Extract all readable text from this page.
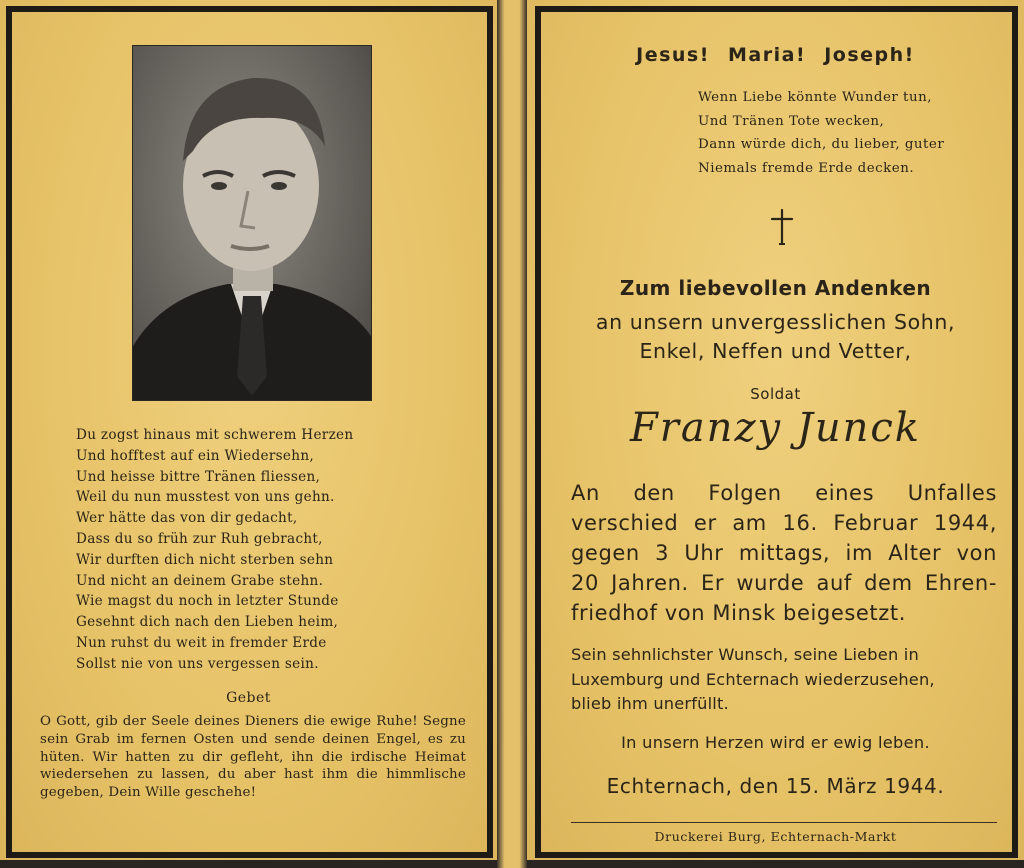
Du zogst hinaus mit schwerem Herzen
Und hofftest auf ein Wiedersehn,
Und heisse bittre Tränen fliessen,
Weil du nun musstest von uns gehn.
Wer hätte das von dir gedacht,
Dass du so früh zur Ruh gebracht,
Wir durften dich nicht sterben sehn
Und nicht an deinem Grabe stehn.
Wie magst du noch in letzter Stunde
Gesehnt dich nach den Lieben heim,
Nun ruhst du weit in fremder Erde
Sollst nie von uns vergessen sein.
Gebet
O Gott, gib der Seele deines Dieners die ewige Ruhe! Segne sein Grab im fernen Osten und sende deinen Engel, es zu hüten. Wir hatten zu dir gefleht, ihn die irdische Heimat wiedersehen zu lassen, du aber hast ihm die himmlische gegeben, Dein Wille geschehe!
Jesus! Maria! Joseph!
Wenn Liebe könnte Wunder tun,
Und Tränen Tote wecken,
Dann würde dich, du lieber, guter
Niemals fremde Erde decken.
Zum liebevollen Andenken
an unsern unvergesslichen Sohn,
Enkel, Neffen und Vetter,
Soldat
Franzy Junck
An den Folgen eines Unfalles
verschied er am 16. Februar 1944,
gegen 3 Uhr mittags, im Alter von
20 Jahren. Er wurde auf dem Ehren-
friedhof von Minsk beigesetzt.
Sein sehnlichster Wunsch, seine Lieben in
Luxemburg und Echternach wiederzusehen,
blieb ihm unerfüllt.
In unsern Herzen wird er ewig leben.
Echternach, den 15. März 1944.
Druckerei Burg, Echternach-Markt
